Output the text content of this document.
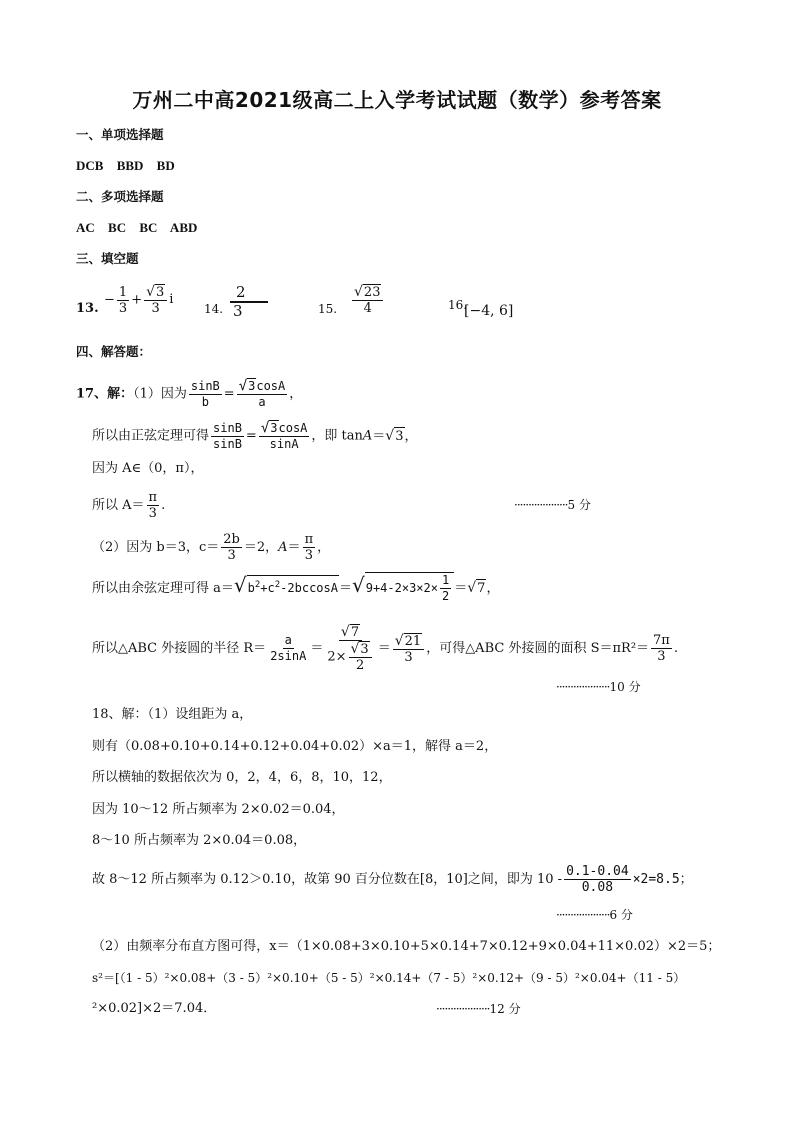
万州二中高2021级高二上入学考试试题（数学）参考答案
一、单项选择题
DCB BBD BD
二、多项选择题
AC BC BC ABD
三、填空题
13.
− $\frac{1}{3} + \frac{√3}{3}$ i
14. $\frac{2}{3}$	15. $\frac{√23}{4}$	16.
[−4, 6]
四、解答题：
17、解：（1）因为 $\frac{\sin B}{b} = \frac{√3\cos A}{a}$ ，
所以由正弦定理可得 $\frac{\sin B}{\sin B} = \frac{√3\cos A}{\sin A}$ ，即 tanA＝√3，
因为 A∈（0，π），
所以 $A= \frac{\pi}{3}$ .	···················5 分
（2）因为 b＝3，$c= \frac{2b}{3} =2$，$A= \frac{\pi}{3}$ ，
所以由余弦定理可得 $a=√b^2+c^2-2bccosA=√9+4-2\times 3\times 2\times \frac{1}{2} =√7$，
所以△ABC 外接圆的半径 $R= \frac{a}{2\sin A} = \frac{√7}{2\times \frac{√3}{2}} = \frac{√21}{3}$ ，可得△ABC 外接圆的面积 $S=\pi R^2= \frac{7\pi}{3}$ .
···················10 分
18、解：（1）设组距为 a，
则有（0.08+0.10+0.14+0.12+0.04+0.02）×a＝1，解得 a＝2，
所以横轴的数据依次为 0，2，4，6，8，10，12，
因为 10～12 所占频率为 2×0.02＝0.04，
8～10 所占频率为 2×0.04＝0.08，
故 8～12 所占频率为 0.12＞0.10，故第 90 百分位数在[8，10]之间，即为 $10 - \frac{0.1-0.04}{0.08} \times 2=8.5$；
···················6 分
（2）由频率分布直方图可得，x＝（1×0.08+3×0.10+5×0.14+7×0.12+9×0.04+11×0.02）×2＝5；
s²＝[（1 - 5）²×0.08+（3 - 5）²×0.10+（5 - 5）²×0.14+（7 - 5）²×0.12+（9 - 5）²×0.04+（11 - 5）
²×0.02]×2＝7.04．	···················12 分
